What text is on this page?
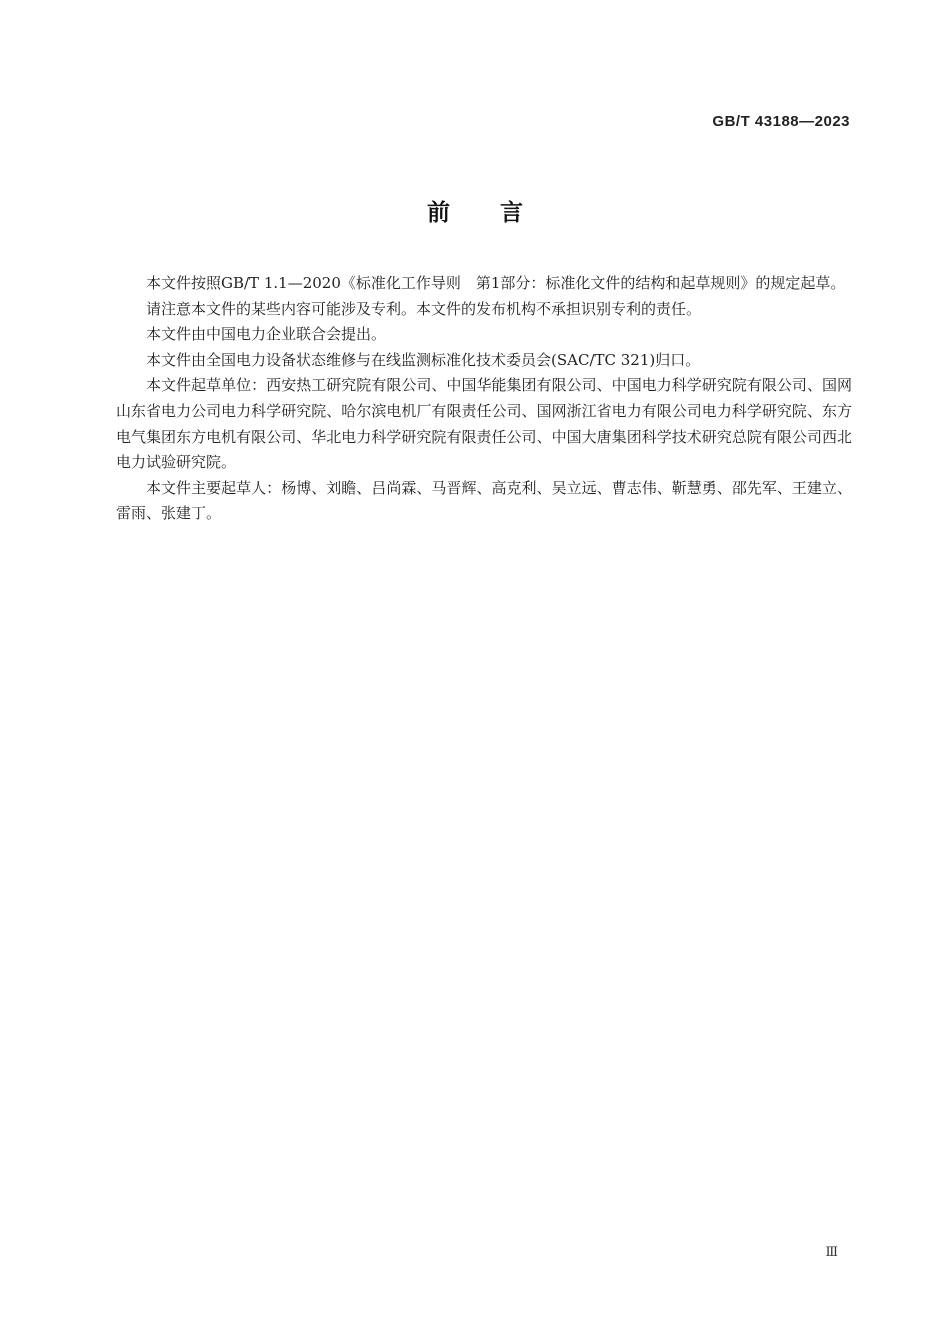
GB/T 43188—2023
前 言

本文件按照GB/T 1.1—2020《标准化工作导则　第1部分：标准化文件的结构和起草规则》的规定起草。

请注意本文件的某些内容可能涉及专利。本文件的发布机构不承担识别专利的责任。

本文件由中国电力企业联合会提出。

本文件由全国电力设备状态维修与在线监测标准化技术委员会(SAC/TC 321)归口。

本文件起草单位：西安热工研究院有限公司、中国华能集团有限公司、中国电力科学研究院有限公司、国网山东省电力公司电力科学研究院、哈尔滨电机厂有限责任公司、国网浙江省电力有限公司电力科学研究院、东方电气集团东方电机有限公司、华北电力科学研究院有限责任公司、中国大唐集团科学技术研究总院有限公司西北电力试验研究院。

本文件主要起草人：杨博、刘瞻、吕尚霖、马晋辉、高克利、吴立远、曹志伟、靳慧勇、邵先军、王建立、雷雨、张建丁。

Ⅲ
